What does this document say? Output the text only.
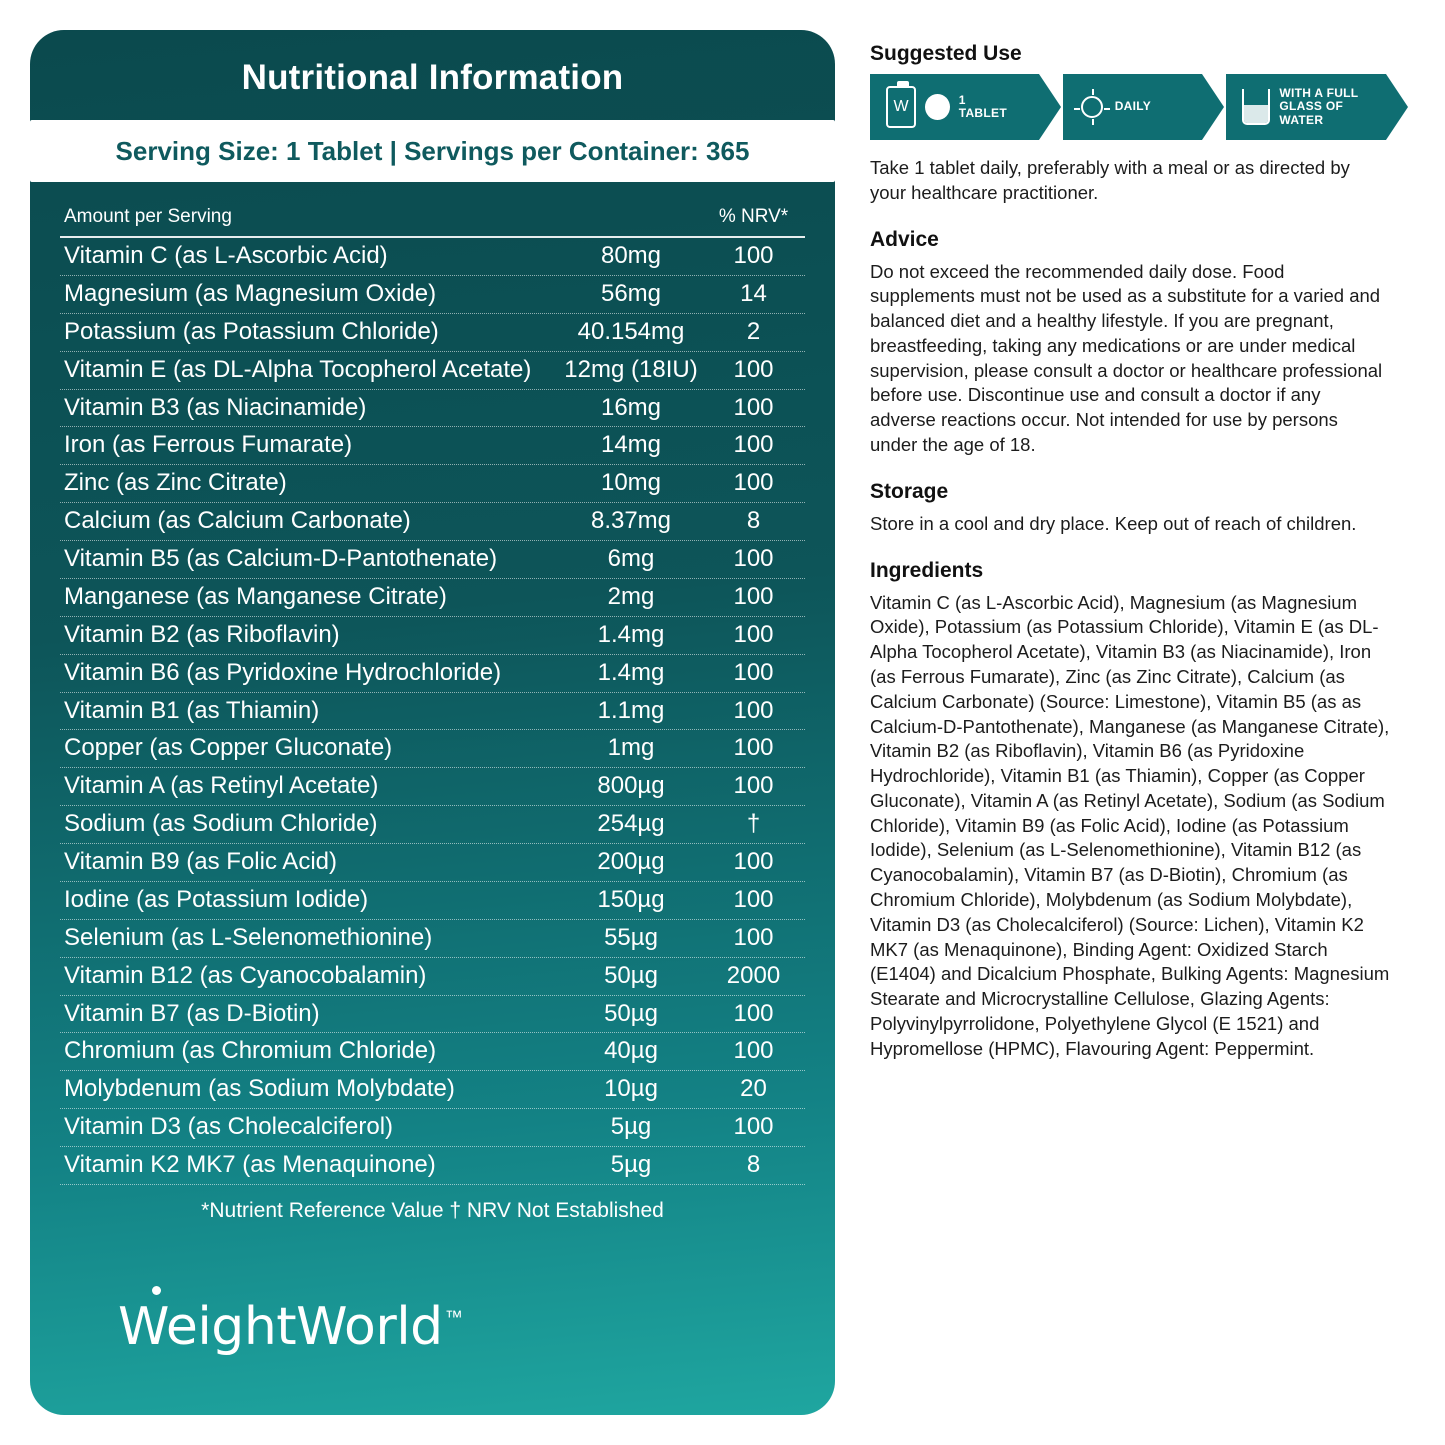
Nutritional Information
Serving Size: 1 Tablet | Servings per Container: 365
Amount per Serving	% NRV*
Vitamin C (as L-Ascorbic Acid)	80mg	100
Magnesium (as Magnesium Oxide)	56mg	14
Potassium (as Potassium Chloride)	40.154mg	2
Vitamin E (as DL-Alpha Tocopherol Acetate)	12mg (18IU)	100
Vitamin B3 (as Niacinamide)	16mg	100
Iron (as Ferrous Fumarate)	14mg	100
Zinc (as Zinc Citrate)	10mg	100
Calcium (as Calcium Carbonate)	8.37mg	8
Vitamin B5 (as Calcium-D-Pantothenate)	6mg	100
Manganese (as Manganese Citrate)	2mg	100
Vitamin B2 (as Riboflavin)	1.4mg	100
Vitamin B6 (as Pyridoxine Hydrochloride)	1.4mg	100
Vitamin B1 (as Thiamin)	1.1mg	100
Copper (as Copper Gluconate)	1mg	100
Vitamin A (as Retinyl Acetate)	800µg	100
Sodium (as Sodium Chloride)	254µg	†
Vitamin B9 (as Folic Acid)	200µg	100
Iodine (as Potassium Iodide)	150µg	100
Selenium (as L-Selenomethionine)	55µg	100
Vitamin B12 (as Cyanocobalamin)	50µg	2000
Vitamin B7 (as D-Biotin)	50µg	100
Chromium (as Chromium Chloride)	40µg	100
Molybdenum (as Sodium Molybdate)	10µg	20
Vitamin D3 (as Cholecalciferol)	5µg	100
Vitamin K2 MK7 (as Menaquinone)	5µg	8
*Nutrient Reference Value † NRV Not Established
WeightWorld ™
Suggested Use
W	1 TABLET	DAILY
WITH A FULL
GLASS OF
WATER

Take 1 tablet daily, preferably with a meal or as directed by your healthcare practitioner.

Advice

Do not exceed the recommended daily dose. Food supplements must not be used as a substitute for a varied and balanced diet and a healthy lifestyle. If you are pregnant, breastfeeding, taking any medications or are under medical supervision, please consult a doctor or healthcare professional before use. Discontinue use and consult a doctor if any adverse reactions occur. Not intended for use by persons under the age of 18.

Storage

Store in a cool and dry place. Keep out of reach of children.

Ingredients

Vitamin C (as L-Ascorbic Acid), Magnesium (as Magnesium Oxide), Potassium (as Potassium Chloride), Vitamin E (as DL-Alpha Tocopherol Acetate), Vitamin B3 (as Niacinamide), Iron (as Ferrous Fumarate), Zinc (as Zinc Citrate), Calcium (as Calcium Carbonate) (Source: Limestone), Vitamin B5 (as as Calcium-D-Pantothenate), Manganese (as Manganese Citrate), Vitamin B2 (as Riboflavin), Vitamin B6 (as Pyridoxine Hydrochloride), Vitamin B1 (as Thiamin), Copper (as Copper Gluconate), Vitamin A (as Retinyl Acetate), Sodium (as Sodium Chloride), Vitamin B9 (as Folic Acid), Iodine (as Potassium Iodide), Selenium (as L-Selenomethionine), Vitamin B12 (as Cyanocobalamin), Vitamin B7 (as D-Biotin), Chromium (as Chromium Chloride), Molybdenum (as Sodium Molybdate), Vitamin D3 (as Cholecalciferol) (Source: Lichen), Vitamin K2 MK7 (as Menaquinone), Binding Agent: Oxidized Starch (E1404) and Dicalcium Phosphate, Bulking Agents: Magnesium Stearate and Microcrystalline Cellulose, Glazing Agents: Polyvinylpyrrolidone, Polyethylene Glycol (E 1521) and Hypromellose (HPMC), Flavouring Agent: Peppermint.
